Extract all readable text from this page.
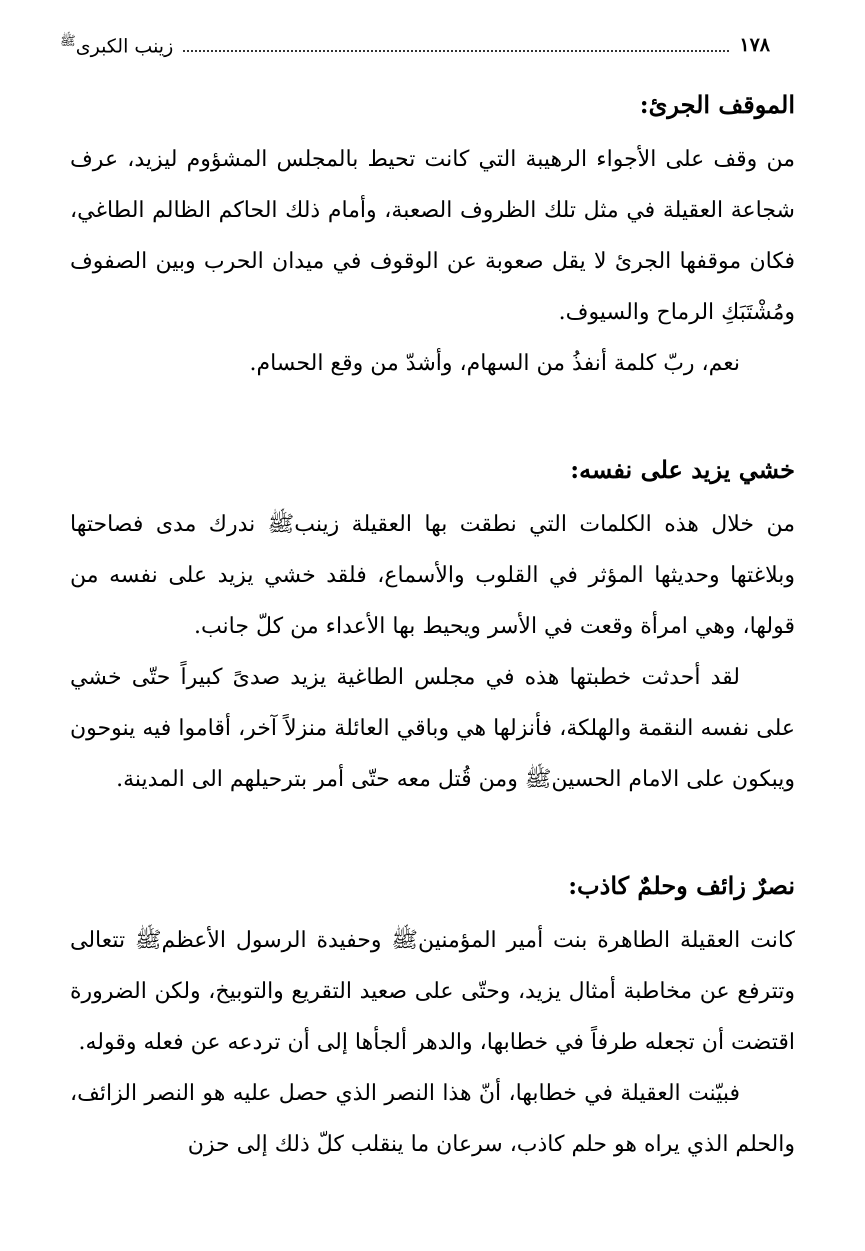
زينب الكبرى$^ﷺ$	١٧٨
الموقف الجرئ:

من وقف على الأجواء الرهيبة التي كانت تحيط بالمجلس المشؤوم ليزيد، عرف شجاعة العقيلة في مثل تلك الظروف الصعبة، وأمام ذلك الحاكم الظالم الطاغي، فكان موقفها الجرئ لا يقل صعوبة عن الوقوف في ميدان الحرب وبين الصفوف ومُشْتَبَكِ الرماح والسيوف.

نعم، ربّ كلمة أنفذُ من السهام، وأشدّ من وقع الحسام.

خشي يزيد على نفسه:

من خلال هذه الكلمات التي نطقت بها العقيلة زينبﷺ ندرك مدى فصاحتها وبلاغتها وحديثها المؤثر في القلوب والأسماع، فلقد خشي يزيد على نفسه من قولها، وهي امرأة وقعت في الأسر ويحيط بها الأعداء من كلّ جانب.

لقد أحدثت خطبتها هذه في مجلس الطاغية يزيد صدىً كبيراً حتّى خشي على نفسه النقمة والهلكة، فأنزلها هي وباقي العائلة منزلاً آخر، أقاموا فيه ينوحون ويبكون على الامام الحسينﷺ ومن قُتل معه حتّى أمر بترحيلهم الى المدينة.

نصرٌ زائف وحلمٌ كاذب:

كانت العقيلة الطاهرة بنت أمير المؤمنينﷺ وحفيدة الرسول الأعظمﷺ تتعالى وتترفع عن مخاطبة أمثال يزيد، وحتّى على صعيد التقريع والتوبيخ، ولكن الضرورة اقتضت أن تجعله طرفاً في خطابها، والدهر ألجأها إلى أن تردعه عن فعله وقوله.

فبيّنت العقيلة في خطابها، أنّ هذا النصر الذي حصل عليه هو النصر الزائف، والحلم الذي يراه هو حلم كاذب، سرعان ما ينقلب كلّ ذلك إلى حزن
